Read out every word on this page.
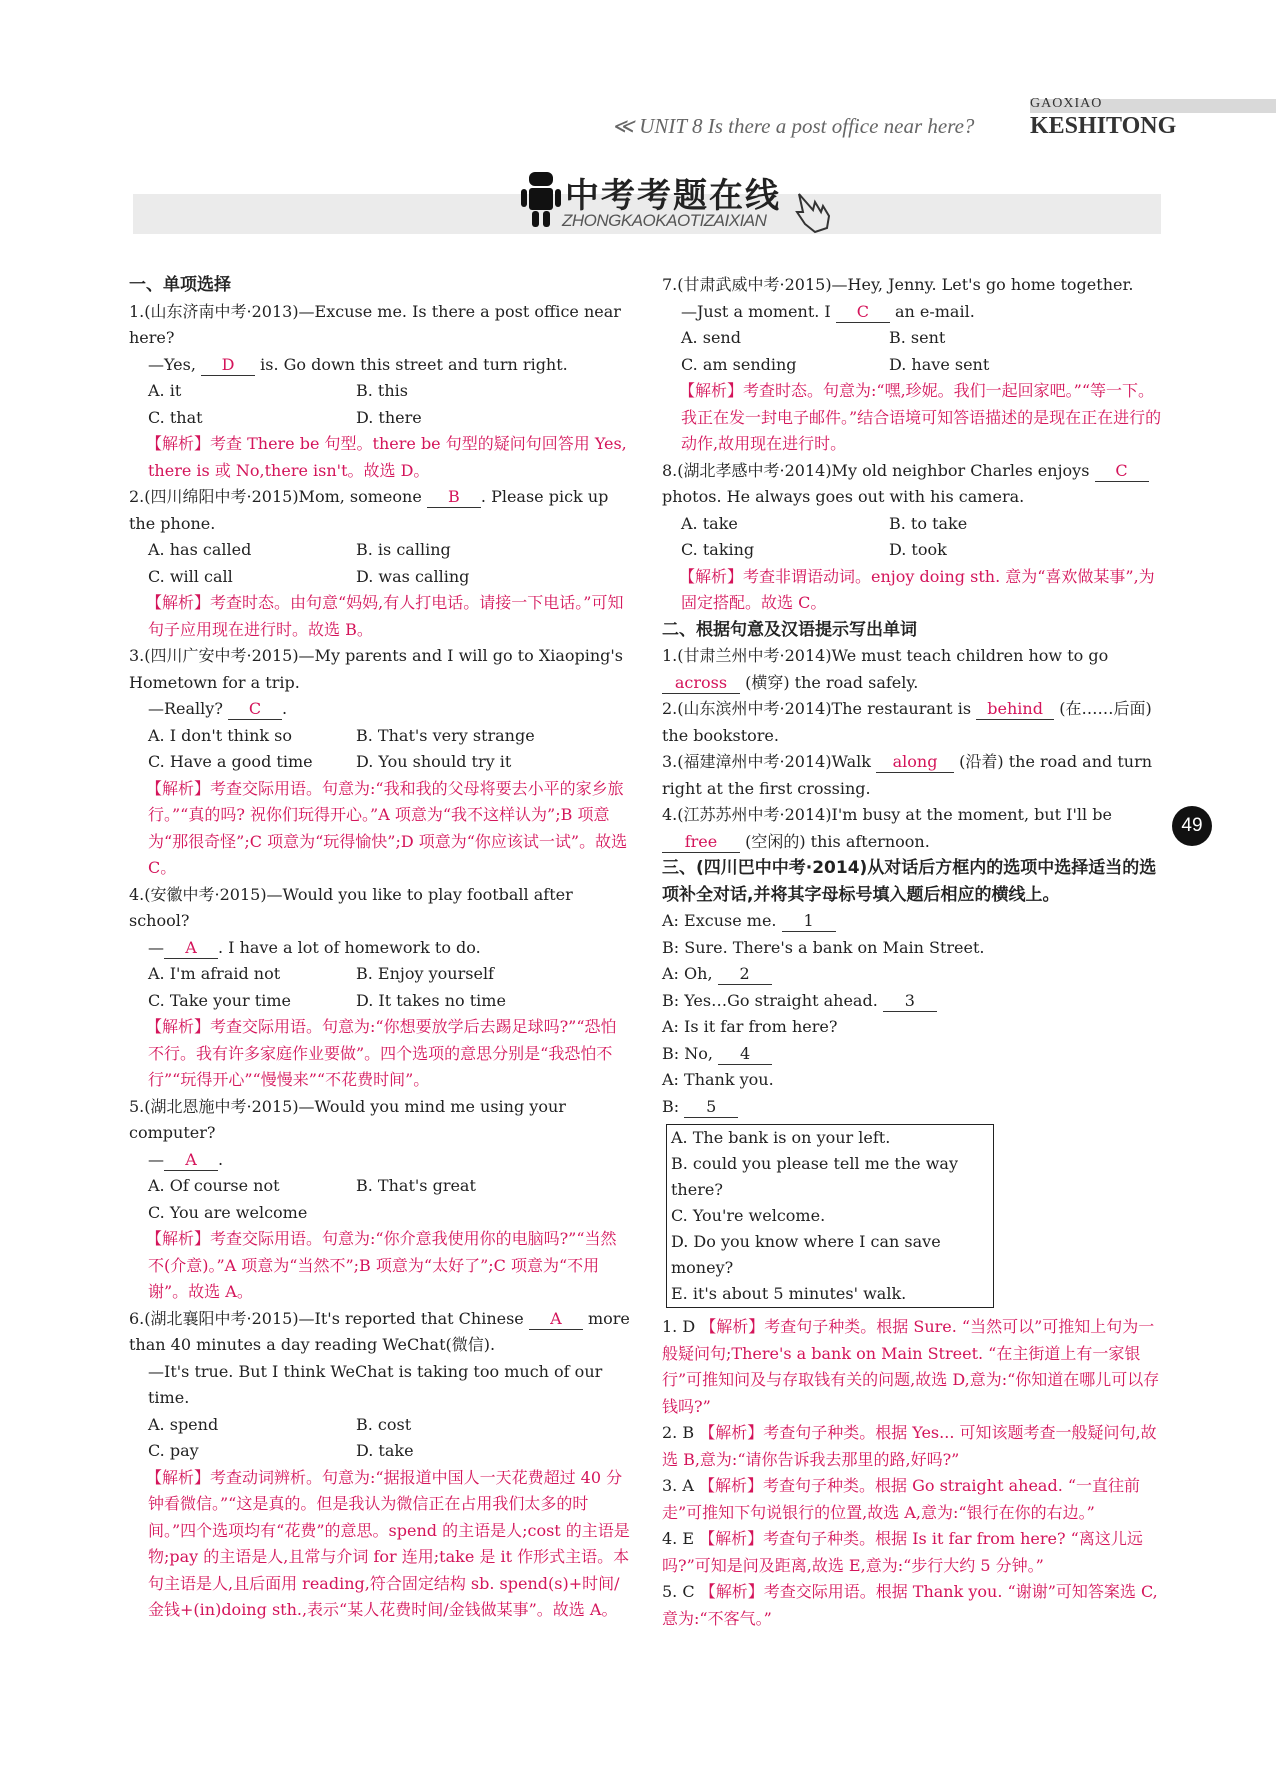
GAOXIAO
≪ UNIT 8 Is there a post office near here? KESHITONG
中考考题在线
ZHONGKAOKAOTIZAIXIAN
49

一、单项选择

1.(山东济南中考·2013)—Excuse me. Is there a post office near here?

—Yes, D is. Go down this street and turn right.

A. it	B. this
C. that	D. there

【解析】考查 There be 句型。there be 句型的疑问句回答用 Yes, there is 或 No,there isn't。故选 D。

2.(四川绵阳中考·2015)Mom, someone B . Please pick up the phone.

A. has called	B. is calling
C. will call	D. was calling

【解析】考查时态。由句意“妈妈,有人打电话。请接一下电话。”可知句子应用现在进行时。故选 B。

3.(四川广安中考·2015)—My parents and I will go to Xiaoping's Hometown for a trip.

—Really? C .

A. I don't think so	B. That's very strange
C. Have a good time	D. You should try it

【解析】考查交际用语。句意为:“我和我的父母将要去小平的家乡旅行。”“真的吗? 祝你们玩得开心。”A 项意为“我不这样认为”;B 项意为“那很奇怪”;C 项意为“玩得愉快”;D 项意为“你应该试一试”。故选 C。

4.(安徽中考·2015)—Would you like to play football after school?

— A . I have a lot of homework to do.

A. I'm afraid not	B. Enjoy yourself
C. Take your time	D. It takes no time

【解析】考查交际用语。句意为:“你想要放学后去踢足球吗?”“恐怕不行。我有许多家庭作业要做”。四个选项的意思分别是“我恐怕不行”“玩得开心”“慢慢来”“不花费时间”。

5.(湖北恩施中考·2015)—Would you mind me using your computer?

— A .

A. Of course not	B. That's great
C. You are welcome

【解析】考查交际用语。句意为:“你介意我使用你的电脑吗?”“当然不(介意)。”A 项意为“当然不”;B 项意为“太好了”;C 项意为“不用谢”。故选 A。

6.(湖北襄阳中考·2015)—It's reported that Chinese A more than 40 minutes a day reading WeChat(微信).

—It's true. But I think WeChat is taking too much of our time.

A. spend	B. cost
C. pay	D. take

【解析】考查动词辨析。句意为:“据报道中国人一天花费超过 40 分钟看微信。”“这是真的。但是我认为微信正在占用我们太多的时间。”四个选项均有“花费”的意思。spend 的主语是人;cost 的主语是物;pay 的主语是人,且常与介词 for 连用;take 是 it 作形式主语。本句主语是人,且后面用 reading,符合固定结构 sb. spend(s)+时间/金钱+(in)doing sth.,表示“某人花费时间/金钱做某事”。故选 A。

7.(甘肃武威中考·2015)—Hey, Jenny. Let's go home together.

—Just a moment. I C an e-mail.

A. send	B. sent
C. am sending	D. have sent

【解析】考查时态。句意为:“嘿,珍妮。我们一起回家吧。”“等一下。我正在发一封电子邮件。”结合语境可知答语描述的是现在正在进行的动作,故用现在进行时。

8.(湖北孝感中考·2014)My old neighbor Charles enjoys C photos. He always goes out with his camera.

A. take	B. to take
C. taking	D. took

【解析】考查非谓语动词。enjoy doing sth. 意为“喜欢做某事”,为固定搭配。故选 C。

二、根据句意及汉语提示写出单词

1.(甘肃兰州中考·2014)We must teach children how to go across (横穿) the road safely.

2.(山东滨州中考·2014)The restaurant is behind (在……后面) the bookstore.

3.(福建漳州中考·2014)Walk along (沿着) the road and turn right at the first crossing.

4.(江苏苏州中考·2014)I'm busy at the moment, but I'll be free (空闲的) this afternoon.

三、(四川巴中中考·2014)从对话后方框内的选项中选择适当的选项补全对话,并将其字母标号填入题后相应的横线上。

A: Excuse me. 1

B: Sure. There's a bank on Main Street.

A: Oh, 2

B: Yes…Go straight ahead. 3

A: Is it far from here?

B: No, 4

A: Thank you.

B: 5

A. The bank is on your left.
B. could you please tell me the way there?
C. You're welcome.
D. Do you know where I can save money?
E. it's about 5 minutes' walk.

1. D 【解析】考查句子种类。根据 Sure. “当然可以”可推知上句为一般疑问句;There's a bank on Main Street. “在主街道上有一家银行”可推知问及与存取钱有关的问题,故选 D,意为:“你知道在哪儿可以存钱吗?”

2. B 【解析】考查句子种类。根据 Yes... 可知该题考查一般疑问句,故选 B,意为:“请你告诉我去那里的路,好吗?”

3. A 【解析】考查句子种类。根据 Go straight ahead. “一直往前走”可推知下句说银行的位置,故选 A,意为:“银行在你的右边。”

4. E 【解析】考查句子种类。根据 Is it far from here? “离这儿远吗?”可知是问及距离,故选 E,意为:“步行大约 5 分钟。”

5. C 【解析】考查交际用语。根据 Thank you. “谢谢”可知答案选 C,意为:“不客气。”
